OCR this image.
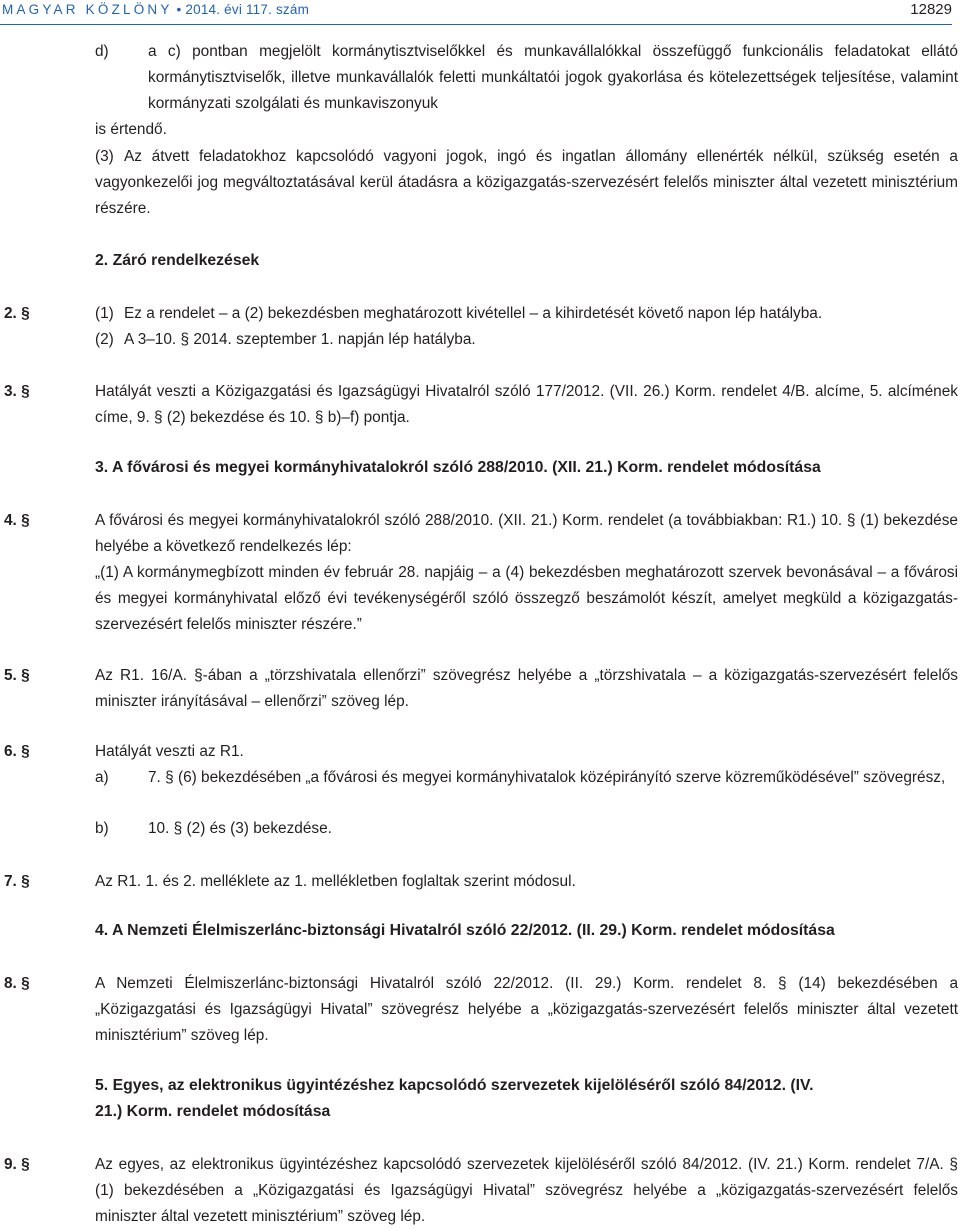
MAGYAR KÖZLÖNY • 2014. évi 117. szám	12829
d)	a c) pontban megjelölt kormánytisztviselőkkel és munkavállalókkal összefüggő funkcionális feladatokat ellátó kormánytisztviselők, illetve munkavállalók feletti munkáltatói jogok gyakorlása és kötelezettségek teljesítése, valamint kormányzati szolgálati és munkaviszonyuk

is értendő.
(3) Az átvett feladatokhoz kapcsolódó vagyoni jogok, ingó és ingatlan állomány ellenérték nélkül, szükség esetén a vagyonkezelői jog megváltoztatásával kerül átadásra a közigazgatás-szervezésért felelős miniszter által vezetett minisztérium részére.

2. Záró rendelkezések
2. §	(1) Ez a rendelet – a (2) bekezdésben meghatározott kivétellel – a kihirdetését követő napon lép hatályba.
(2) A 3–10. § 2014. szeptember 1. napján lép hatályba.
3. §	Hatályát veszti a Közigazgatási és Igazságügyi Hivatalról szóló 177/2012. (VII. 26.) Korm. rendelet 4/B. alcíme, 5. alcímének címe, 9. § (2) bekezdése és 10. § b)–f) pontja.

3. A fővárosi és megyei kormányhivatalokról szóló 288/2010. (XII. 21.) Korm. rendelet módosítása
4. §	A fővárosi és megyei kormányhivatalokról szóló 288/2010. (XII. 21.) Korm. rendelet (a továbbiakban: R1.) 10. § (1) bekezdése helyébe a következő rendelkezés lép:

„(1) A kormánymegbízott minden év február 28. napjáig – a (4) bekezdésben meghatározott szervek bevonásával – a fővárosi és megyei kormányhivatal előző évi tevékenységéről szóló összegző beszámolót készít, amelyet megküld a közigazgatás-szervezésért felelős miniszter részére.”

5. §	Az R1. 16/A. §-ában a „törzshivatala ellenőrzi” szövegrész helyébe a „törzshivatala – a közigazgatás-szervezésért felelős miniszter irányításával – ellenőrzi” szöveg lép.

6. §	Hatályát veszti az R1.
a)	7. § (6) bekezdésében „a fővárosi és megyei kormányhivatalok középirányító szerve közreműködésével” szövegrész,

b)	10. § (2) és (3) bekezdése.
7. §	Az R1. 1. és 2. melléklete az 1. mellékletben foglaltak szerint módosul.
4. A Nemzeti Élelmiszerlánc-biztonsági Hivatalról szóló 22/2012. (II. 29.) Korm. rendelet módosítása
8. §	A Nemzeti Élelmiszerlánc-biztonsági Hivatalról szóló 22/2012. (II. 29.) Korm. rendelet 8. § (14) bekezdésében a „Közigazgatási és Igazságügyi Hivatal” szövegrész helyébe a „közigazgatás-szervezésért felelős miniszter által vezetett minisztérium” szöveg lép.

5. Egyes, az elektronikus ügyintézéshez kapcsolódó szervezetek kijelöléséről szóló 84/2012. (IV. 21.) Korm. rendelet módosítása

9. §	Az egyes, az elektronikus ügyintézéshez kapcsolódó szervezetek kijelöléséről szóló 84/2012. (IV. 21.) Korm. rendelet 7/A. § (1) bekezdésében a „Közigazgatási és Igazságügyi Hivatal” szövegrész helyébe a „közigazgatás-szervezésért felelős miniszter által vezetett minisztérium” szöveg lép.
